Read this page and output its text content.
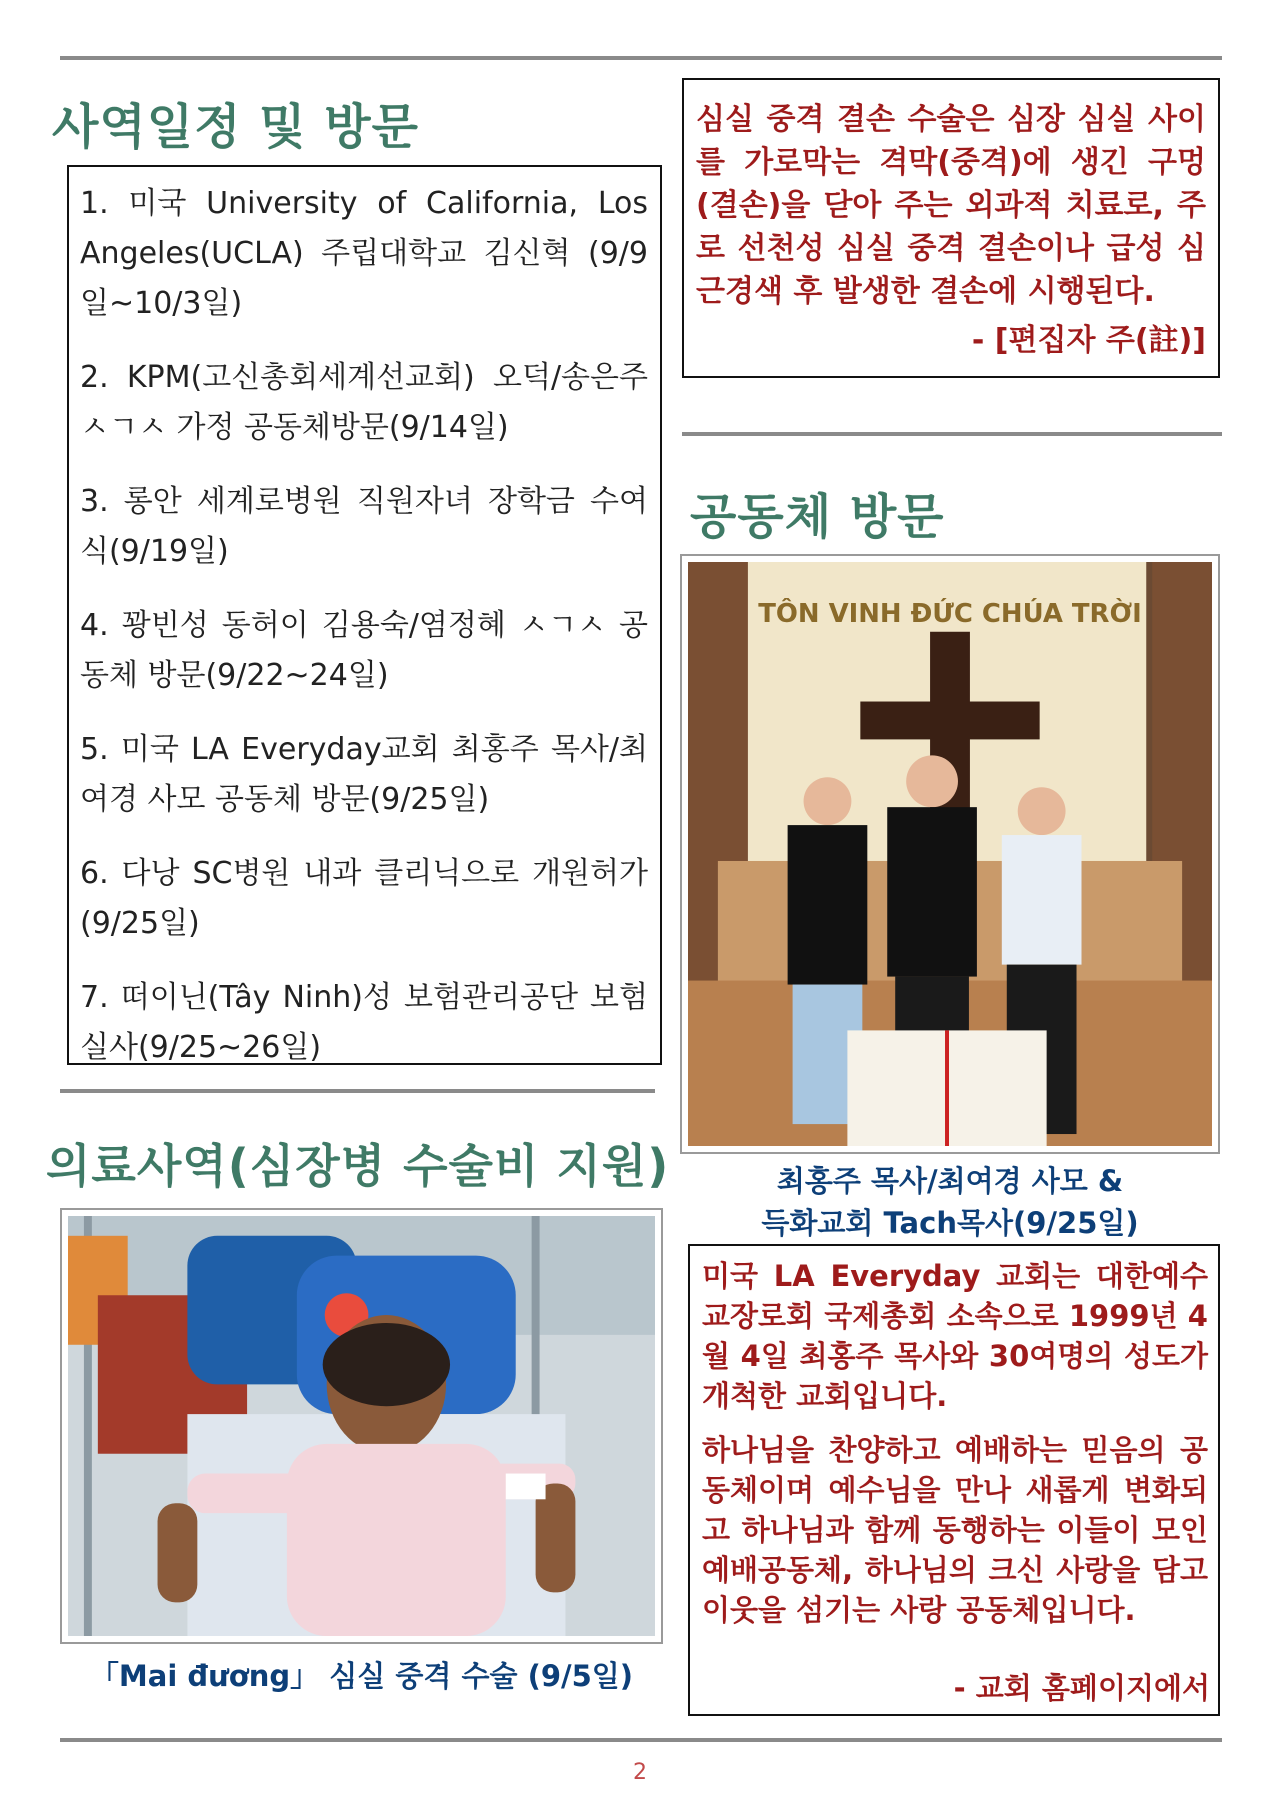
사역일정 및 방문
1. 미국 University of California, Los Angeles(UCLA) 주립대학교 김신혁 (9/9일~10/3일)
2. KPM(고신총회세계선교회) 오덕/송은주 ㅅㄱㅅ 가정 공동체방문(9/14일)
3. 롱안 세계로병원 직원자녀 장학금 수여식(9/19일)
4. 꽝빈성 동허이 김용숙/염정혜 ㅅㄱㅅ 공동체 방문(9/22~24일)
5. 미국 LA Everyday교회 최홍주 목사/최여경 사모 공동체 방문(9/25일)
6. 다낭 SC병원 내과 클리닉으로 개원허가(9/25일)
7. 떠이닌(Tây Ninh)성 보험관리공단 보험실사(9/25~26일)
의료사역(심장병 수술비 지원)

「Mai đương」 심실 중격 수술 (9/5일)

심실 중격 결손 수술은 심장 심실 사이를 가로막는 격막(중격)에 생긴 구멍(결손)을 닫아 주는 외과적 치료로, 주로 선천성 심실 중격 결손이나 급성 심근경색 후 발생한 결손에 시행된다.

- [편집자 주(註)]

공동체 방문
TÔN VINH ĐỨC CHÚA TRỜI

최홍주 목사/최여경 사모 &
득화교회 Tach목사(9/25일)

미국 LA Everyday 교회는 대한예수교장로회 국제총회 소속으로 1999년 4월 4일 최홍주 목사와 30여명의 성도가 개척한 교회입니다.

하나님을 찬양하고 예배하는 믿음의 공동체이며 예수님을 만나 새롭게 변화되고 하나님과 함께 동행하는 이들이 모인 예배공동체, 하나님의 크신 사랑을 담고 이웃을 섬기는 사랑 공동체입니다.

- 교회 홈페이지에서

2
